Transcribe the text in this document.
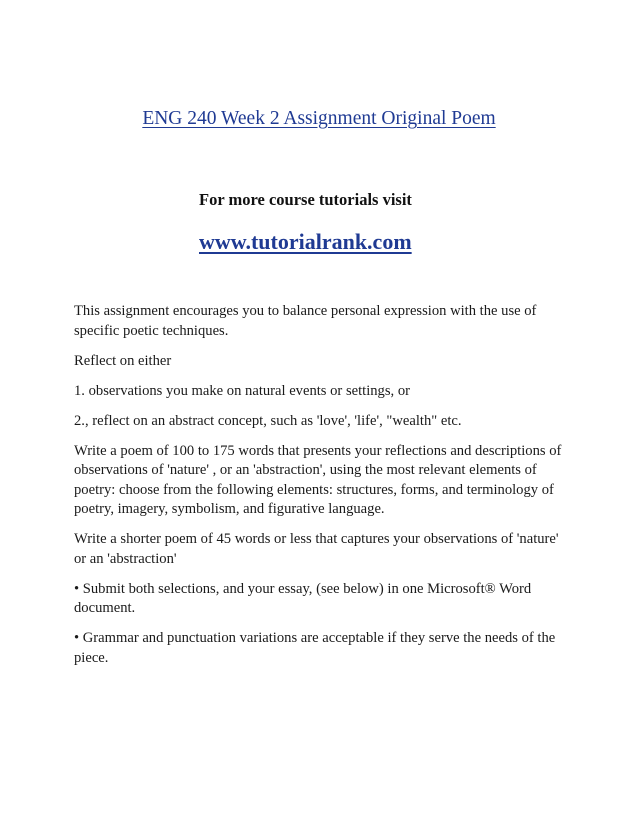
ENG 240 Week 2 Assignment Original Poem
For more course tutorials visit
www.tutorialrank.com

This assignment encourages you to balance personal expression with the use of specific poetic techniques.

Reflect on either

1. observations you make on natural events or settings, or

2., reflect on an abstract concept, such as 'love', 'life', "wealth" etc.

Write a poem of 100 to 175 words that presents your reflections and descriptions of observations of 'nature' , or an 'abstraction', using the most relevant elements of poetry: choose from the following elements: structures, forms, and terminology of poetry, imagery, symbolism, and figurative language.

Write a shorter poem of 45 words or less that captures your observations of 'nature' or an 'abstraction'

• Submit both selections, and your essay, (see below) in one Microsoft® Word document.

• Grammar and punctuation variations are acceptable if they serve the needs of the piece.
